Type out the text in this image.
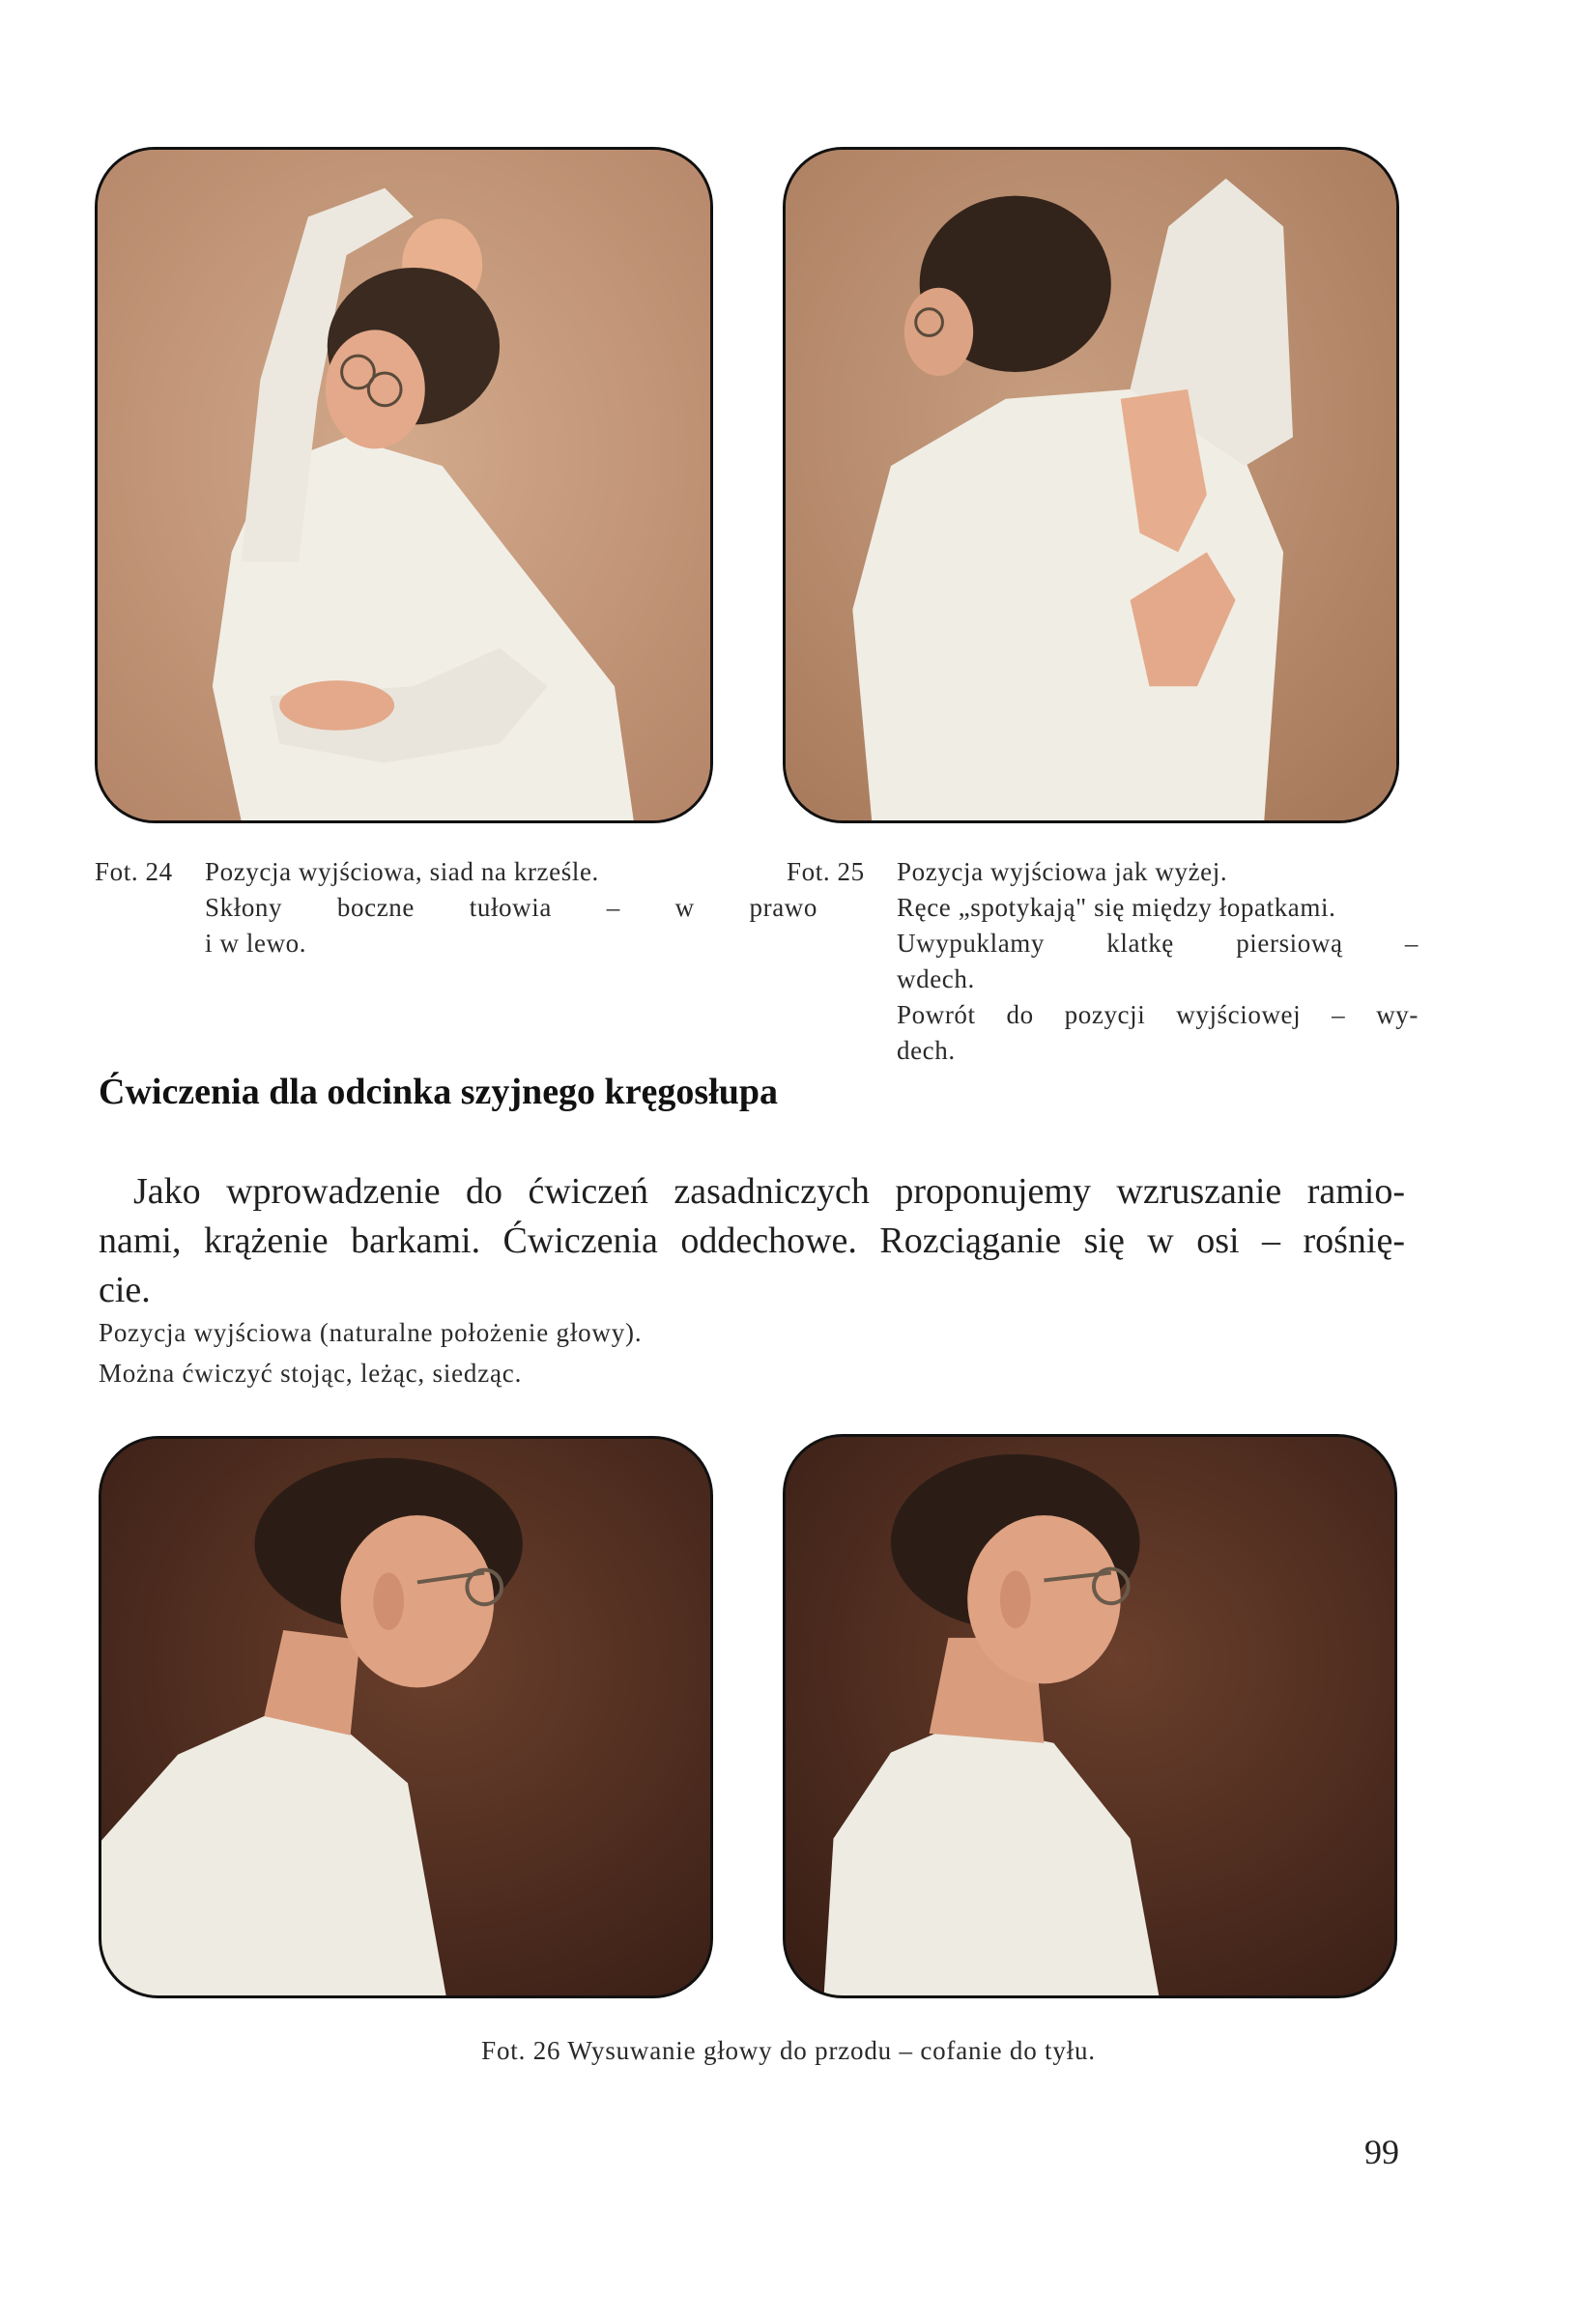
Fot. 24 Pozycja wyjściowa, siad na krześle.
Skłony boczne tułowia – w prawo
i w lewo.
Fot. 25 Pozycja wyjściowa jak wyżej.
Ręce „spotykają" się między łopatkami.
Uwypuklamy klatkę piersiową –
wdech.
Powrót do pozycji wyjściowej – wy-
dech.
Ćwiczenia dla odcinka szyjnego kręgosłupa
Jako wprowadzenie do ćwiczeń zasadniczych proponujemy wzruszanie ramio-
nami, krążenie barkami. Ćwiczenia oddechowe. Rozciąganie się w osi – rośnię-
cie.
Pozycja wyjściowa (naturalne położenie głowy).
Można ćwiczyć stojąc, leżąc, siedząc.
Fot. 26 Wysuwanie głowy do przodu – cofanie do tyłu.
99
